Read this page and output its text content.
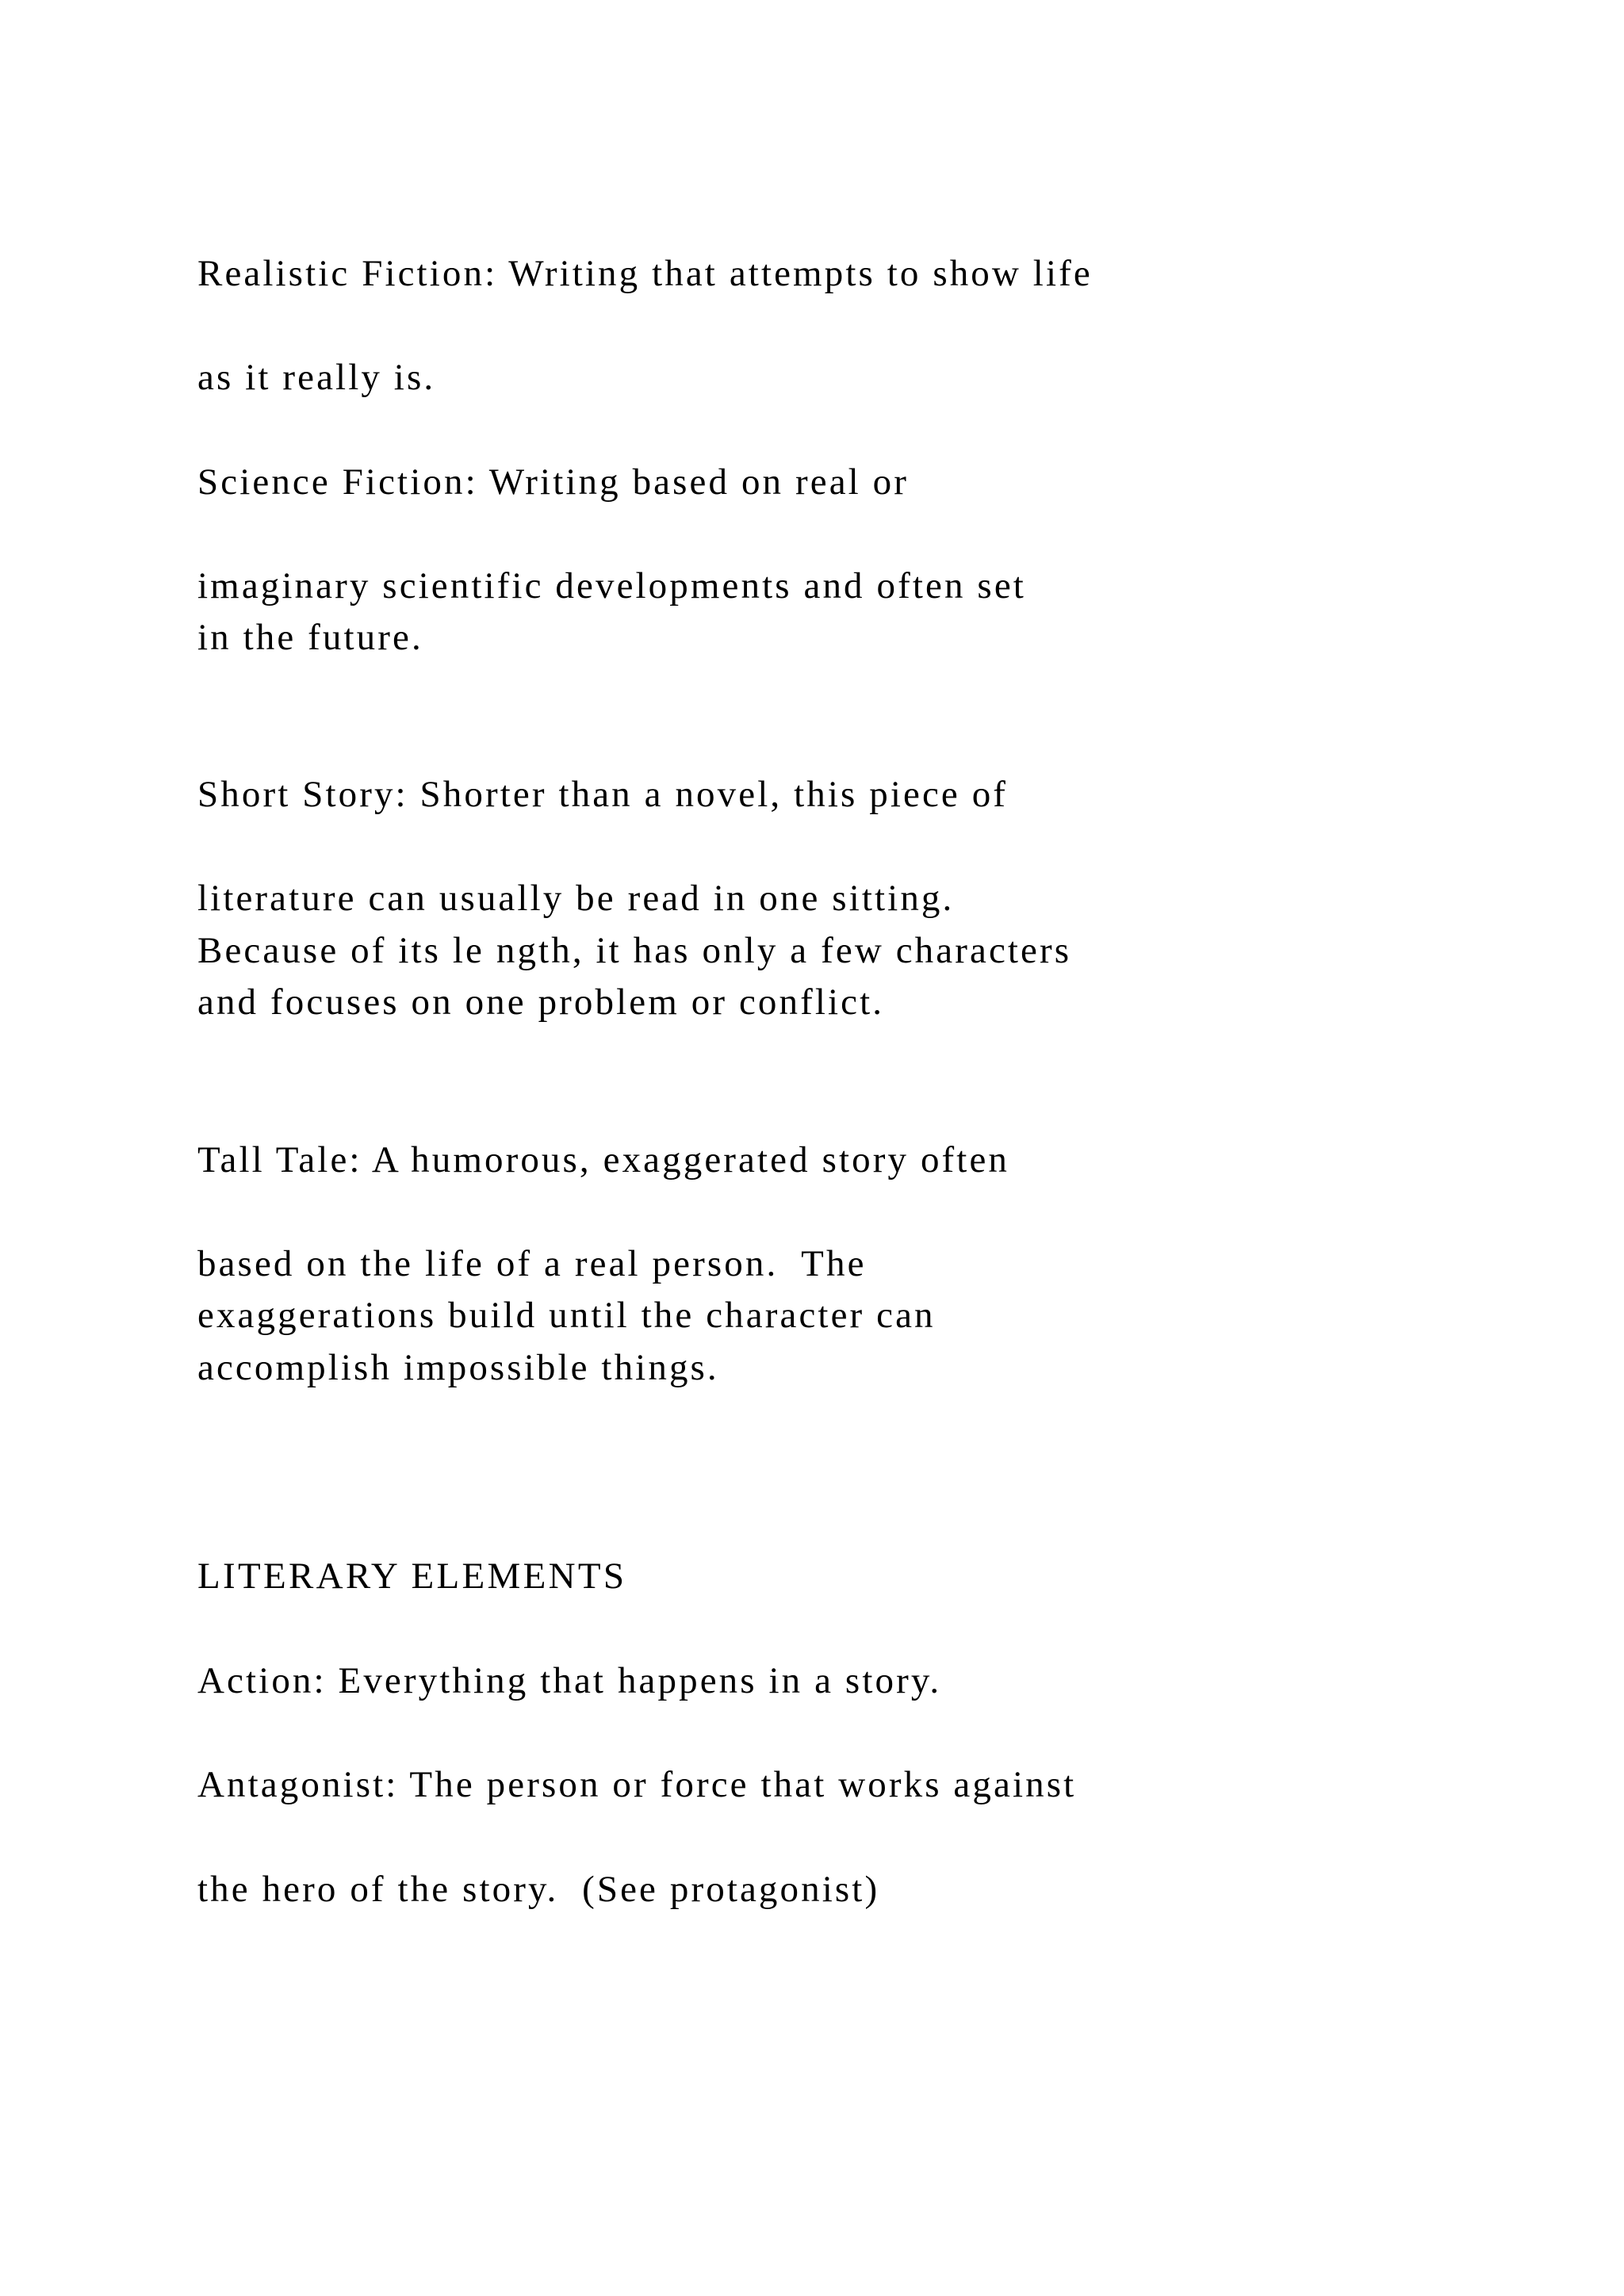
Realistic Fiction: Writing that attempts to show life

as it really is.

Science Fiction: Writing based on real or

imaginary scientific developments and often set

in the future.

Short Story: Shorter than a novel, this piece of

literature can usually be read in one sitting.

Because of its le ngth, it has only a few characters

and focuses on one problem or conflict.

Tall Tale: A humorous, exaggerated story often

based on the life of a real person.  The

exaggerations build until the character can

accomplish impossible things.

LITERARY ELEMENTS

Action: Everything that happens in a story.

Antagonist: The person or force that works against

the hero of the story.  (See protagonist)
